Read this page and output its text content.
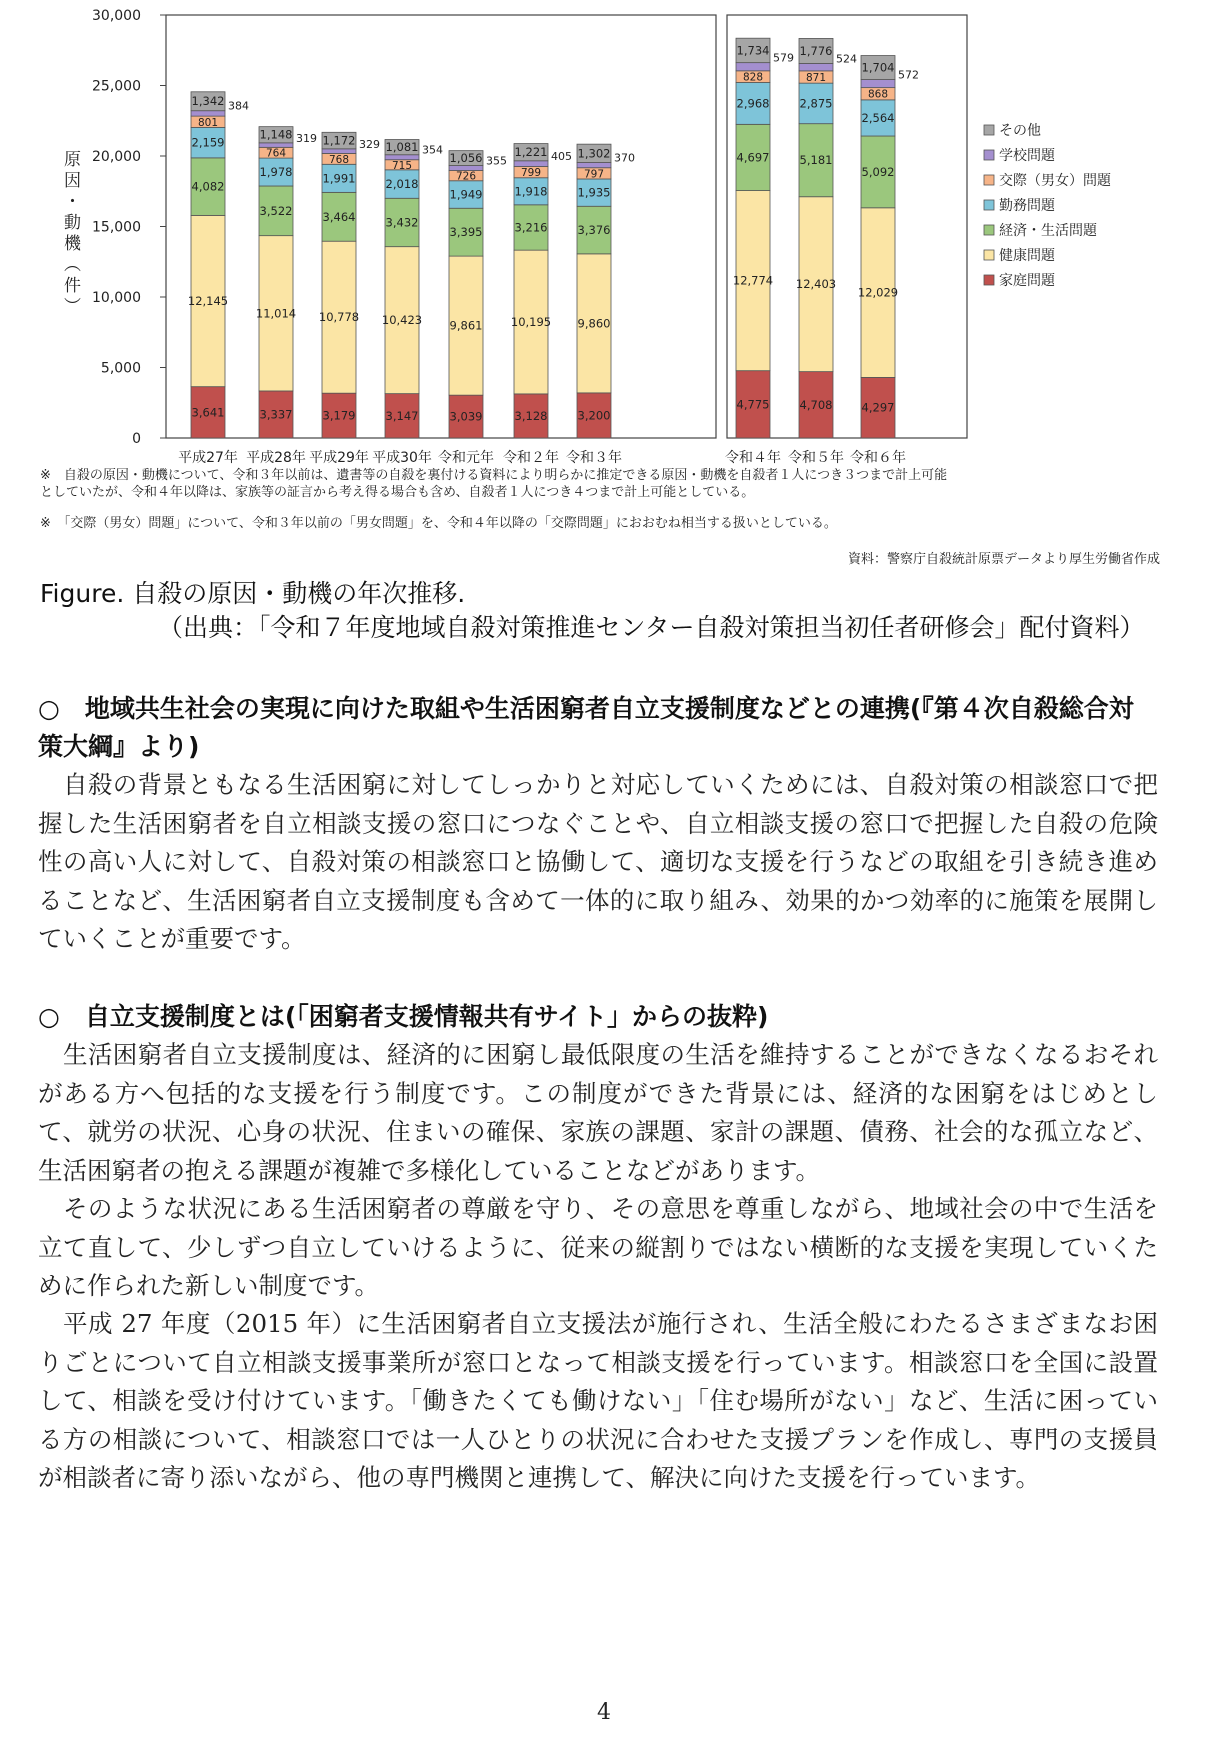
0
5,000
10,000
15,000
20,000
25,000
30,000
原因・動機（件）
3,641
12,145
4,082
2,159
801
384
1,342
平成27年
3,337
11,014
3,522
1,978
764
319
1,148
平成28年
3,179
10,778
3,464
1,991
768
329
1,172
平成29年
3,147
10,423
3,432
2,018
715
354
1,081
平成30年
3,039
9,861
3,395
1,949
726
355
1,056
令和元年
3,128
10,195
3,216
1,918
799
405
1,221
令和２年
3,200
9,860
3,376
1,935
797
370
1,302
令和３年
4,775
12,774
4,697
2,968
828
579
1,734
令和４年
4,708
12,403
5,181
2,875
871
524
1,776
令和５年
4,297
12,029
5,092
2,564
868
572
1,704
令和６年
その他
学校問題
交際（男女）問題
勤務問題
経済・生活問題
健康問題
家庭問題
※　自殺の原因・動機について、令和３年以前は、遺書等の自殺を裏付ける資料により明らかに推定できる原因・動機を自殺者１人につき３つまで計上可能
としていたが、令和４年以降は、家族等の証言から考え得る場合も含め、自殺者１人につき４つまで計上可能としている。
※　「交際（男女）問題」について、令和３年以前の「男女問題」を、令和４年以降の「交際問題」におおむね相当する扱いとしている。
資料：警察庁自殺統計原票データより厚生労働省作成
Figure. 自殺の原因・動機の年次推移.
（出典：「令和７年度地域自殺対策推進センター自殺対策担当初任者研修会」配付資料）
○　地域共生社会の実現に向けた取組や生活困窮者自立支援制度などとの連携(『第４次自殺総合対策大綱』より)
自殺の背景ともなる生活困窮に対してしっかりと対応していくためには、自殺対策の相談窓口で把握した生活困窮者を自立相談支援の窓口につなぐことや、自立相談支援の窓口で把握した自殺の危険性の高い人に対して、自殺対策の相談窓口と協働して、適切な支援を行うなどの取組を引き続き進めることなど、生活困窮者自立支援制度も含めて一体的に取り組み、効果的かつ効率的に施策を展開していくことが重要です。
○　自立支援制度とは(「困窮者支援情報共有サイト」からの抜粋)
生活困窮者自立支援制度は、経済的に困窮し最低限度の生活を維持することができなくなるおそれがある方へ包括的な支援を行う制度です。この制度ができた背景には、経済的な困窮をはじめとして、就労の状況、心身の状況、住まいの確保、家族の課題、家計の課題、債務、社会的な孤立など、生活困窮者の抱える課題が複雑で多様化していることなどがあります。
そのような状況にある生活困窮者の尊厳を守り、その意思を尊重しながら、地域社会の中で生活を立て直して、少しずつ自立していけるように、従来の縦割りではない横断的な支援を実現していくために作られた新しい制度です。
平成 27 年度（2015 年）に生活困窮者自立支援法が施行され、生活全般にわたるさまざまなお困りごとについて自立相談支援事業所が窓口となって相談支援を行っています。相談窓口を全国に設置して、相談を受け付けています。「働きたくても働けない」「住む場所がない」など、生活に困っている方の相談について、相談窓口では一人ひとりの状況に合わせた支援プランを作成し、専門の支援員が相談者に寄り添いながら、他の専門機関と連携して、解決に向けた支援を行っています。
4
